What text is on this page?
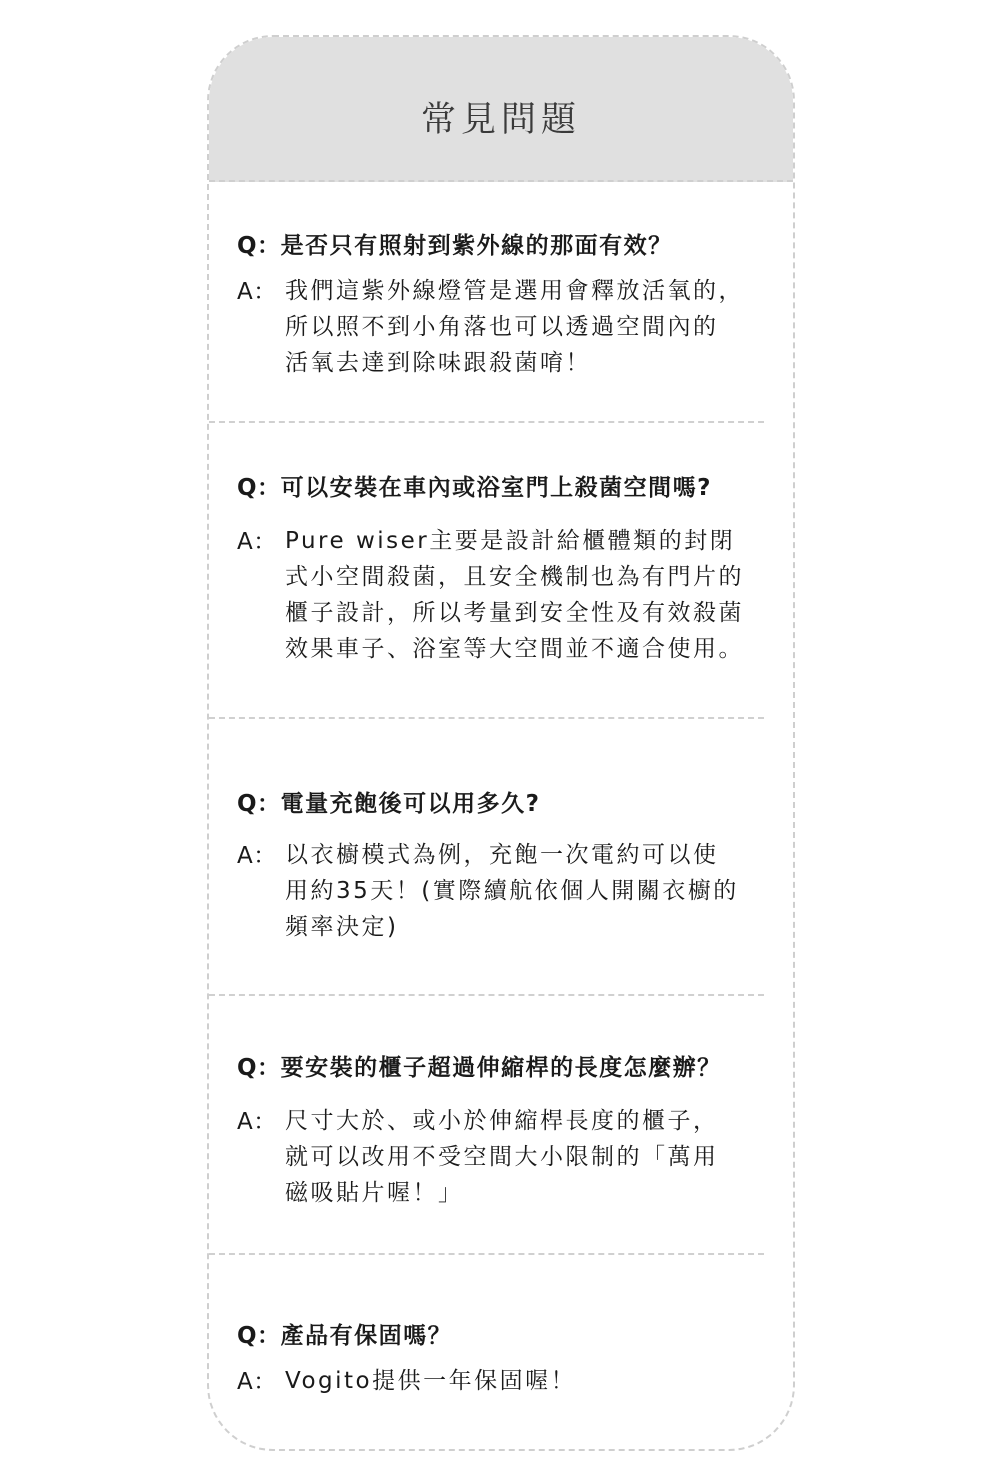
常見問題
Q：是否只有照射到紫外線的那面有效？
A： 我們這紫外線燈管是選用會釋放活氧的，
所以照不到小角落也可以透過空間內的
活氧去達到除味跟殺菌唷！
Q：可以安裝在車內或浴室門上殺菌空間嗎?
A： Pure wiser主要是設計給櫃體類的封閉
式小空間殺菌，且安全機制也為有門片的
櫃子設計，所以考量到安全性及有效殺菌
效果車子、浴室等大空間並不適合使用。
Q：電量充飽後可以用多久?
A： 以衣櫥模式為例，充飽一次電約可以使
用約35天！(實際續航依個人開關衣櫥的
頻率決定)
Q：要安裝的櫃子超過伸縮桿的長度怎麼辦？
A： 尺寸大於、或小於伸縮桿長度的櫃子，
就可以改用不受空間大小限制的「萬用
磁吸貼片喔！」
Q：產品有保固嗎？
A： Vogito提供一年保固喔！
